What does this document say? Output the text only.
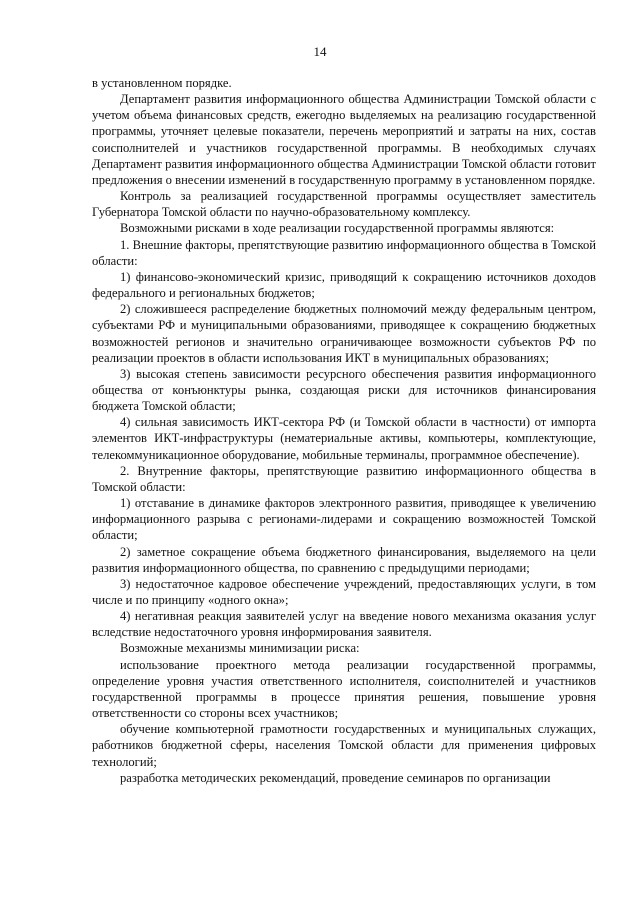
14

в установленном порядке.

Департамент развития информационного общества Администрации Томской области с учетом объема финансовых средств, ежегодно выделяемых на реализацию государственной программы, уточняет целевые показатели, перечень мероприятий и затраты на них, состав соисполнителей и участников государственной программы. В необходимых случаях Департамент развития информационного общества Администрации Томской области готовит предложения о внесении изменений в государственную программу в установленном порядке.

Контроль за реализацией государственной программы осуществляет заместитель Губернатора Томской области по научно-образовательному комплексу.

Возможными рисками в ходе реализации государственной программы являются:

1. Внешние факторы, препятствующие развитию информационного общества в Томской области:

1) финансово-экономический кризис, приводящий к сокращению источников доходов федерального и региональных бюджетов;

2) сложившееся распределение бюджетных полномочий между федеральным центром, субъектами РФ и муниципальными образованиями, приводящее к сокращению бюджетных возможностей регионов и значительно ограничивающее возможности субъектов РФ по реализации проектов в области использования ИКТ в муниципальных образованиях;

3) высокая степень зависимости ресурсного обеспечения развития информационного общества от конъюнктуры рынка, создающая риски для источников финансирования бюджета Томской области;

4) сильная зависимость ИКТ-сектора РФ (и Томской области в частности) от импорта элементов ИКТ-инфраструктуры (нематериальные активы, компьютеры, комплектующие, телекоммуникационное оборудование, мобильные терминалы, программное обеспечение).

2. Внутренние факторы, препятствующие развитию информационного общества в Томской области:

1) отставание в динамике факторов электронного развития, приводящее к увеличению информационного разрыва с регионами-лидерами и сокращению возможностей Томской области;

2) заметное сокращение объема бюджетного финансирования, выделяемого на цели развития информационного общества, по сравнению с предыдущими периодами;

3) недостаточное кадровое обеспечение учреждений, предоставляющих услуги, в том числе и по принципу «одного окна»;

4) негативная реакция заявителей услуг на введение нового механизма оказания услуг вследствие недостаточного уровня информирования заявителя.

Возможные механизмы минимизации риска:

использование проектного метода реализации государственной программы, определение уровня участия ответственного исполнителя, соисполнителей и участников государственной программы в процессе принятия решения, повышение уровня ответственности со стороны всех участников;

обучение компьютерной грамотности государственных и муниципальных служащих, работников бюджетной сферы, населения Томской области для применения цифровых технологий;

разработка методических рекомендаций, проведение семинаров по организации
